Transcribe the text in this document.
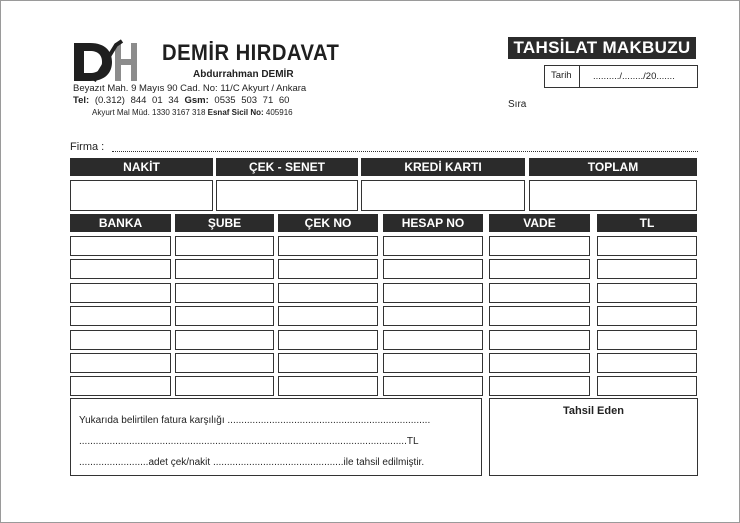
DEMİR HIRDAVAT
Abdurrahman DEMİR
Beyazıt Mah. 9 Mayıs 90 Cad. No: 11/C Akyurt / Ankara
Tel: (0.312) 844 01 34 Gsm: 0535 503 71 60
Akyurt Mal Müd. 1330 3167 318 Esnaf Sicil No: 405916
TAHSİLAT MAKBUZU
Tarih ........../......../20.......
Sıra
Firma :
NAKİT	ÇEK - SENET	KREDİ KARTI	TOPLAM
BANKA	ŞUBE	ÇEK NO	HESAP NO	VADE	TL
Yukarıda belirtilen fatura karşılığı .........................................................................
......................................................................................................................TL
.........................adet çek/nakit ...............................................ile tahsil edilmiştir.
Tahsil Eden
